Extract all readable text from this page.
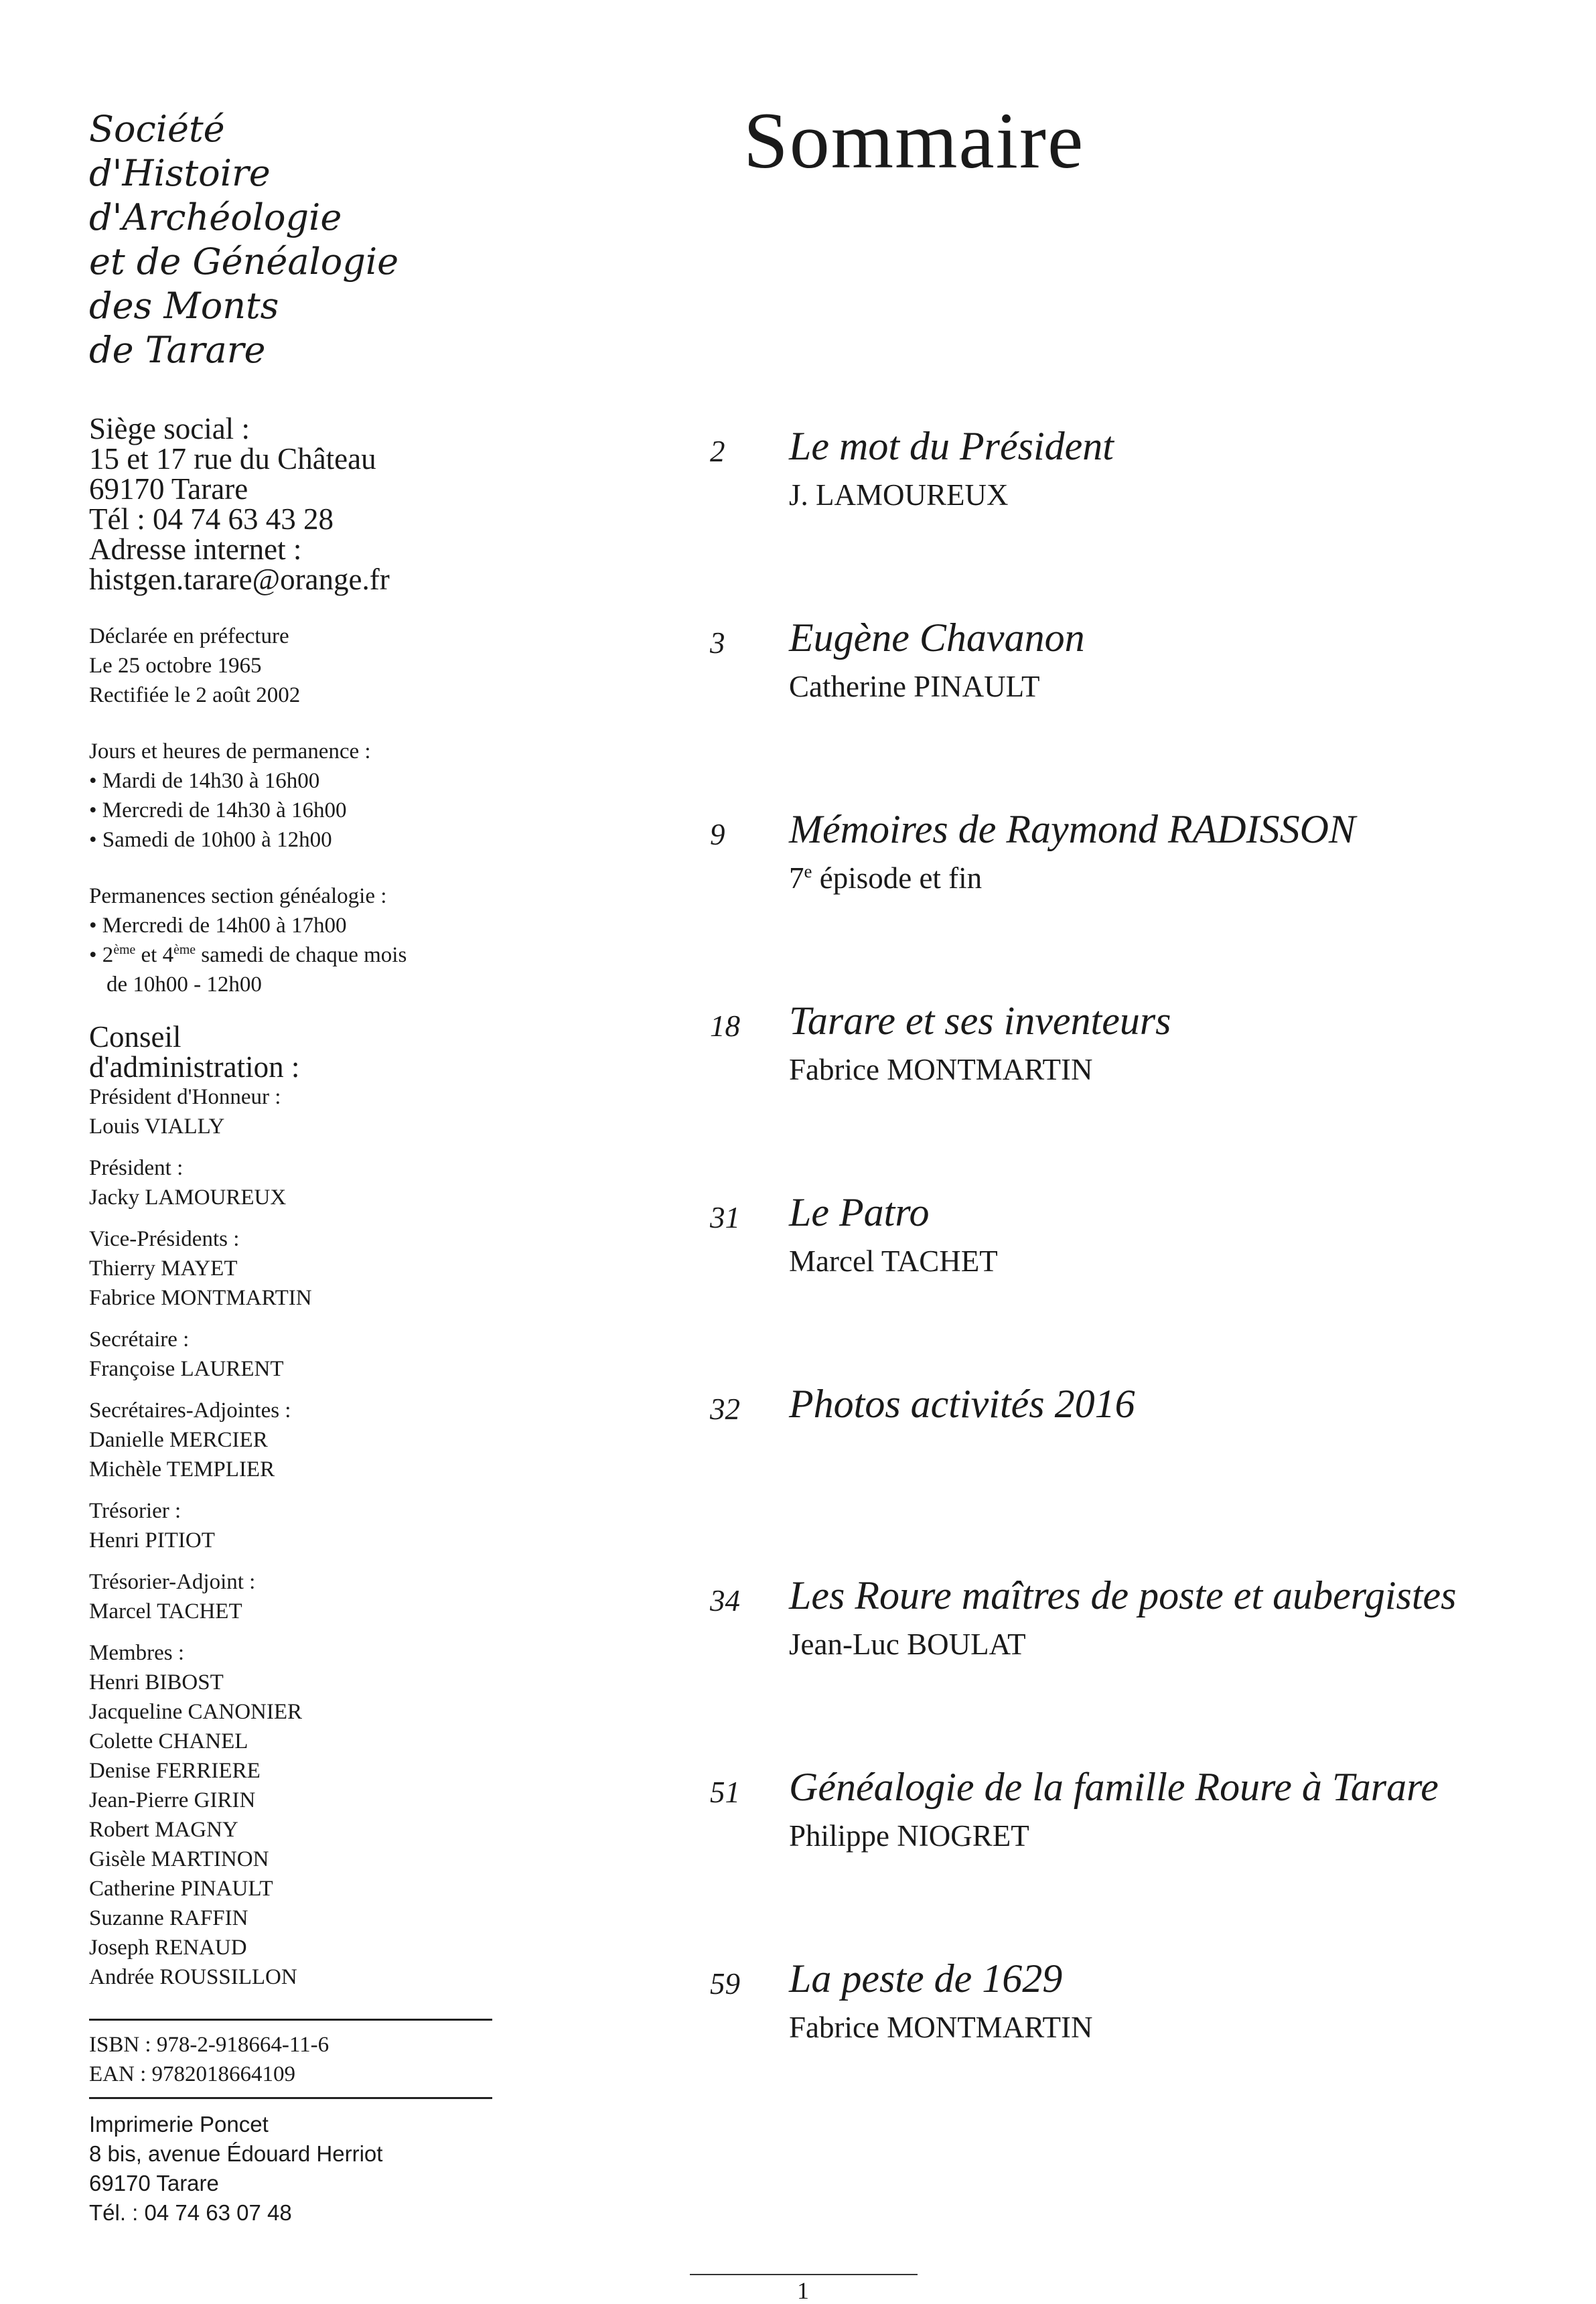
Société
d'Histoire
d'Archéologie
et de Généalogie
des Monts
de Tarare
Siège social :
15 et 17 rue du Château
69170 Tarare
Tél : 04 74 63 43 28
Adresse internet :
histgen.tarare@orange.fr
Déclarée en préfecture
Le 25 octobre 1965
Rectifiée le 2 août 2002
Jours et heures de permanence :
• Mardi de 14h30 à 16h00
• Mercredi de 14h30 à 16h00
• Samedi de 10h00 à 12h00
Permanences section généalogie :
• Mercredi de 14h00 à 17h00
• 2ème et 4ème samedi de chaque mois
de 10h00 - 12h00
Conseil
d'administration :
Président d'Honneur :
Louis VIALLY
Président :
Jacky LAMOUREUX
Vice-Présidents :
Thierry MAYET
Fabrice MONTMARTIN
Secrétaire :
Françoise LAURENT
Secrétaires-Adjointes :
Danielle MERCIER
Michèle TEMPLIER
Trésorier :
Henri PITIOT
Trésorier-Adjoint :
Marcel TACHET
Membres :
Henri BIBOST
Jacqueline CANONIER
Colette CHANEL
Denise FERRIERE
Jean-Pierre GIRIN
Robert MAGNY
Gisèle MARTINON
Catherine PINAULT
Suzanne RAFFIN
Joseph RENAUD
Andrée ROUSSILLON
ISBN : 978-2-918664-11-6
EAN : 9782018664109
Imprimerie Poncet
8 bis, avenue Édouard Herriot
69170 Tarare
Tél. : 04 74 63 07 48
Sommaire
2	Le mot du Président
J. LAMOUREUX
3	Eugène Chavanon
Catherine PINAULT
9	Mémoires de Raymond RADISSON
7e épisode et fin
18	Tarare et ses inventeurs
Fabrice MONTMARTIN
31	Le Patro
Marcel TACHET
32	Photos activités 2016
34	Les Roure maîtres de poste et aubergistes
Jean-Luc BOULAT
51	Généalogie de la famille Roure à Tarare
Philippe NIOGRET
59	La peste de 1629
Fabrice MONTMARTIN
1
